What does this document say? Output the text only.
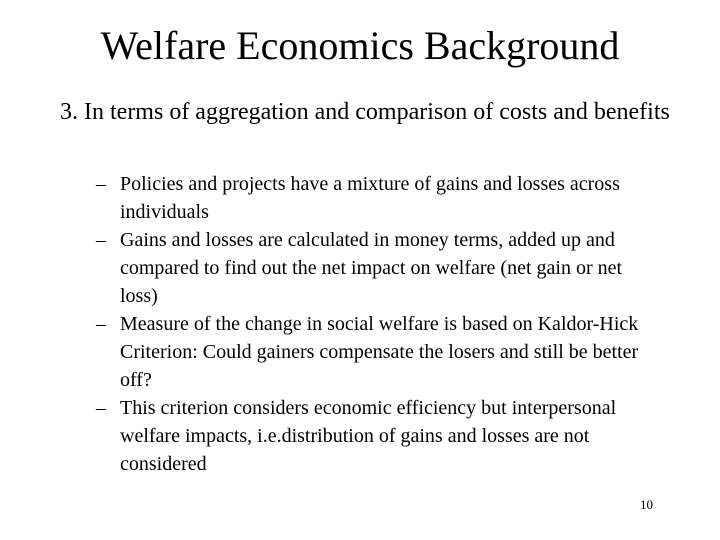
Welfare Economics Background
3. In terms of aggregation and comparison of costs and benefits
– Policies and projects have a mixture of gains and losses across individuals
– Gains and losses are calculated in money terms, added up and compared to find out the net impact on welfare (net gain or net loss)
– Measure of the change in social welfare is based on Kaldor-Hick Criterion: Could gainers compensate the losers and still be better off?
– This criterion considers economic efficiency but interpersonal welfare impacts, i.e.distribution of gains and losses are not considered
10
